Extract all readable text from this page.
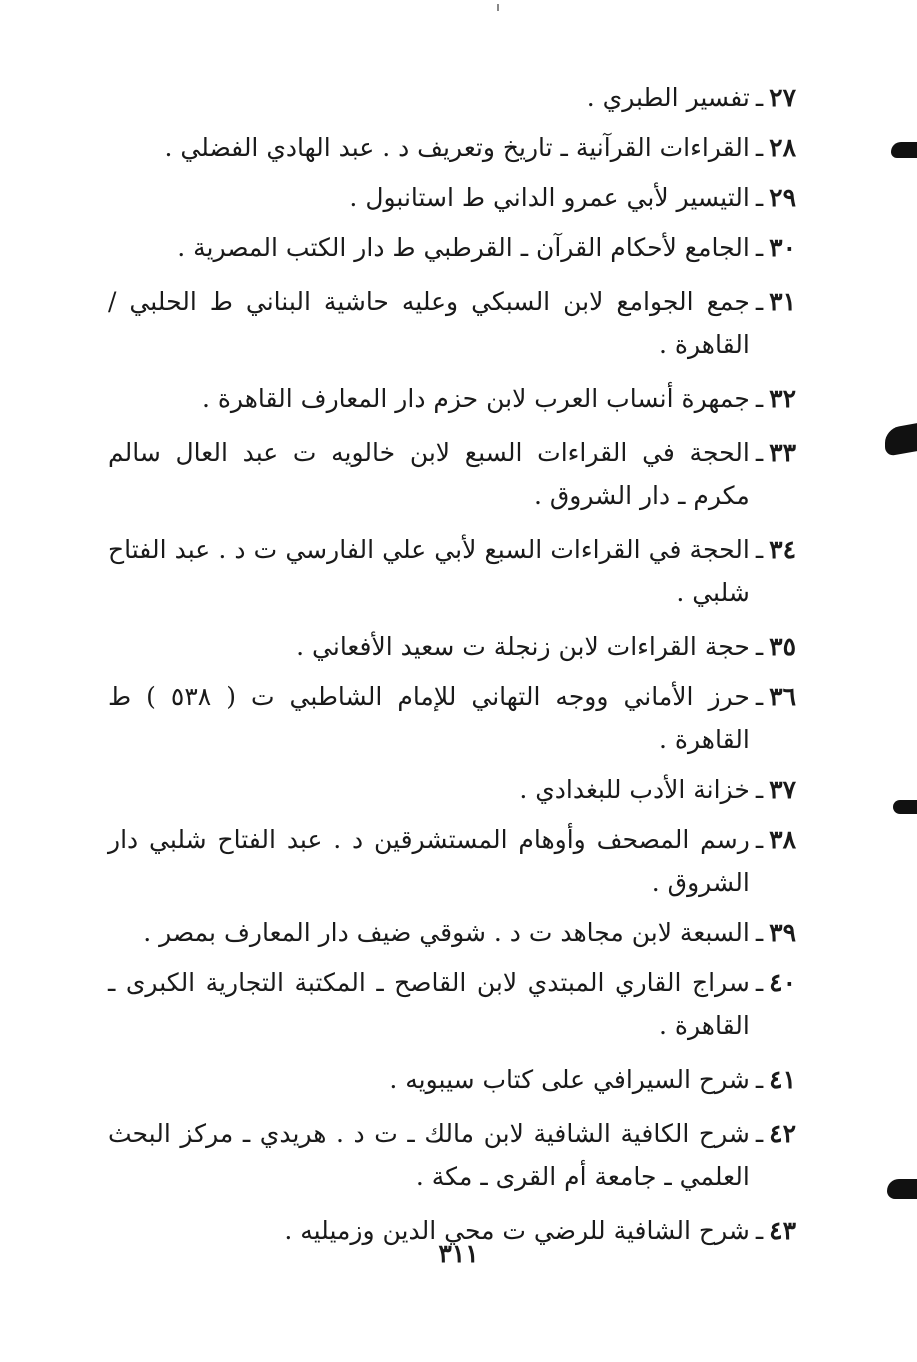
٢٧
ـ
تفسير الطبري .
٢٨
ـ
القراءات القرآنية ـ تاريخ وتعريف د . عبد الهادي الفضلي .
٢٩
ـ
التيسير لأبي عمرو الداني ط استانبول .
٣٠
ـ
الجامع لأحكام القرآن ـ القرطبي ط دار الكتب المصرية .
٣١
ـ
جمع الجوامع لابن السبكي وعليه حاشية البناني ط الحلبي / القاهرة .
٣٢
ـ
جمهرة أنساب العرب لابن حزم دار المعارف القاهرة .
٣٣
ـ
الحجة في القراءات السبع لابن خالويه ت عبد العال سالم مكرم ـ دار الشروق .
٣٤
ـ
الحجة في القراءات السبع لأبي علي الفارسي ت د . عبد الفتاح شلبي .
٣٥
ـ
حجة القراءات لابن زنجلة ت سعيد الأفعاني .
٣٦
ـ
حرز الأماني ووجه التهاني للإمام الشاطبي ت ( ٥٣٨ ) ط القاهرة .
٣٧
ـ
خزانة الأدب للبغدادي .
٣٨
ـ
رسم المصحف وأوهام المستشرقين د . عبد الفتاح شلبي دار الشروق .
٣٩
ـ
السبعة لابن مجاهد ت د . شوقي ضيف دار المعارف بمصر .
٤٠
ـ
سراج القاري المبتدي لابن القاصح ـ المكتبة التجارية الكبرى ـ القاهرة .
٤١
ـ
شرح السيرافي على كتاب سيبويه .
٤٢
ـ
شرح الكافية الشافية لابن مالك ـ ت د . هريدي ـ مركز البحث العلمي ـ جامعة أم القرى ـ مكة .
٤٣
ـ
شرح الشافية للرضي ت محي الدين وزميليه .
٣١١
